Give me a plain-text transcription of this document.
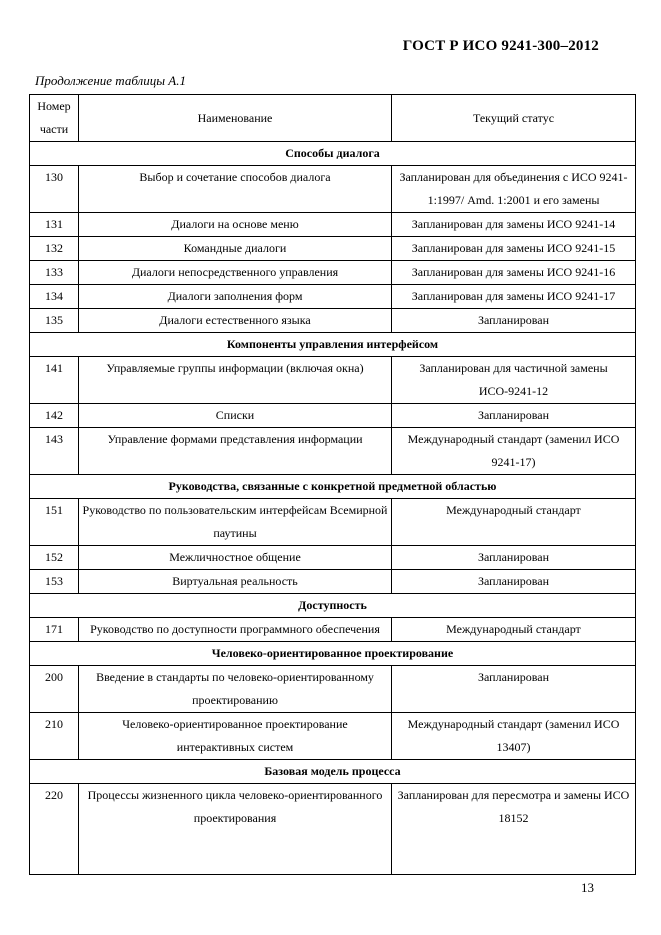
ГОСТ Р ИСО 9241-300–2012
Продолжение таблицы А.1
Номер части	Наименование	Текущий статус
Способы диалога		
130	Выбор и сочетание способов диалога	Запланирован для объединения с ИСО 9241-1:1997/ Amd. 1:2001 и его замены
131	Диалоги на основе меню	Запланирован для замены ИСО 9241-14
132	Командные диалоги	Запланирован для замены ИСО 9241-15
133	Диалоги непосредственного управления	Запланирован для замены ИСО 9241-16
134	Диалоги заполнения форм	Запланирован для замены ИСО 9241-17
135	Диалоги естественного языка	Запланирован
Компоненты управления интерфейсом		
141	Управляемые группы информации (включая окна)	Запланирован для частичной замены ИСО-9241-12
142	Списки	Запланирован
143	Управление формами представления информации	Международный стандарт (заменил ИСО 9241-17)
Руководства, связанные с конкретной предметной областью		
151	Руководство по пользовательским интерфейсам Всемирной паутины	Международный стандарт
152	Межличностное общение	Запланирован
153	Виртуальная реальность	Запланирован
Доступность		
171	Руководство по доступности программного обеспечения	Международный стандарт
Человеко-ориентированное проектирование		
200	Введение в стандарты по человеко-ориентированному проектированию	Запланирован
210	Человеко-ориентированное проектирование интерактивных систем	Международный стандарт (заменил ИСО 13407)
Базовая модель процесса		
220	Процессы жизненного цикла человеко-ориентированного проектирования	Запланирован для пересмотра и замены ИСО 18152
13
